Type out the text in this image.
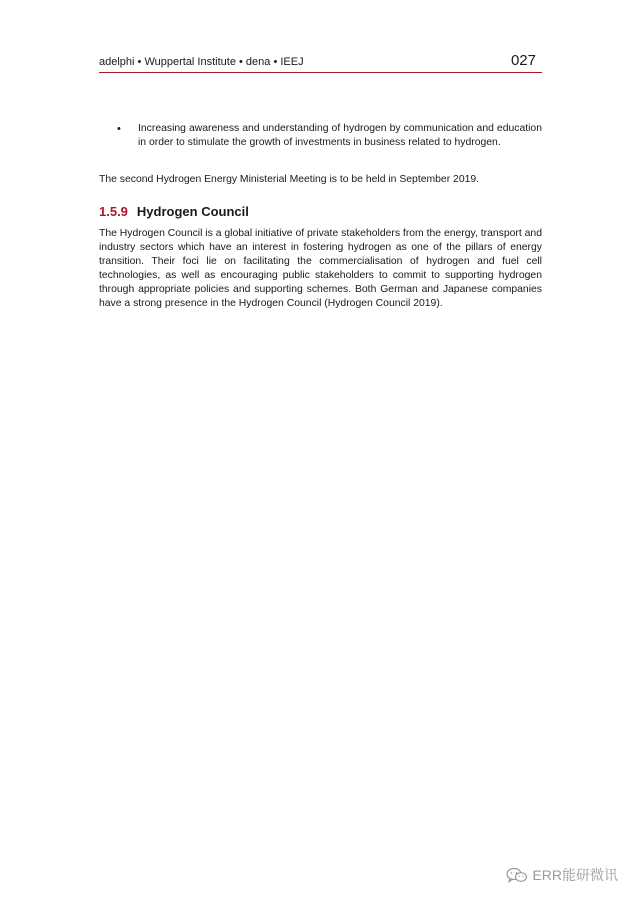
adelphi • Wuppertal Institute • dena • IEEJ	027
• Increasing awareness and understanding of hydrogen by communication and education in order to stimulate the growth of investments in business related to hydrogen.
The second Hydrogen Energy Ministerial Meeting is to be held in September 2019.
1.5.9 Hydrogen Council
The Hydrogen Council is a global initiative of private stakeholders from the energy, transport and industry sectors which have an interest in fostering hydrogen as one of the pillars of energy transition. Their foci lie on facilitating the commercialisation of hydrogen and fuel cell technologies, as well as encouraging public stakeholders to commit to supporting hydrogen through appropriate policies and supporting schemes. Both German and Japanese companies have a strong presence in the Hydrogen Council (Hydrogen Council 2019).
ERR能研微讯
